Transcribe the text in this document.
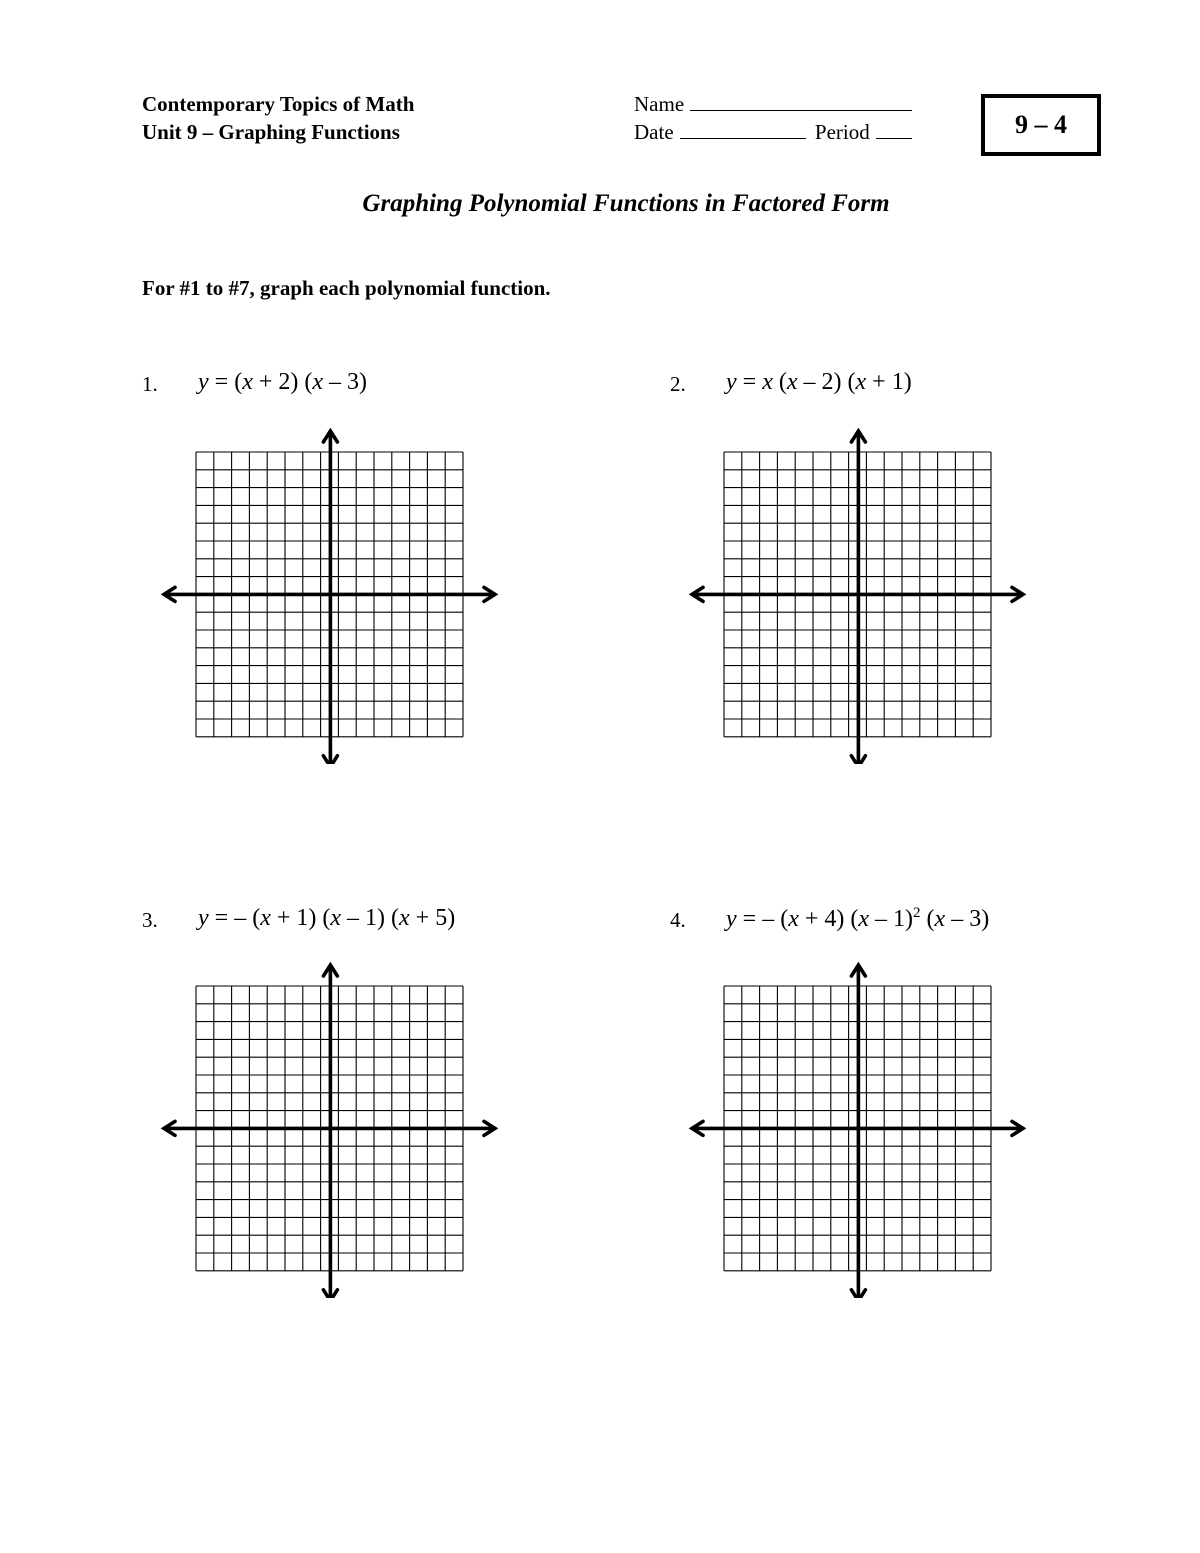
Contemporary Topics of Math
Unit 9 – Graphing Functions
Name
Date	Period	9 – 4
Graphing Polynomial Functions in Factored Form
For #1 to #7, graph each polynomial function.
1. y = (x + 2) (x – 3)	2. y = x (x – 2) (x + 1)
3. y = – (x + 1) (x – 1) (x + 5)	4. y = – (x + 4) (x – 1)$^2$ (x – 3)
